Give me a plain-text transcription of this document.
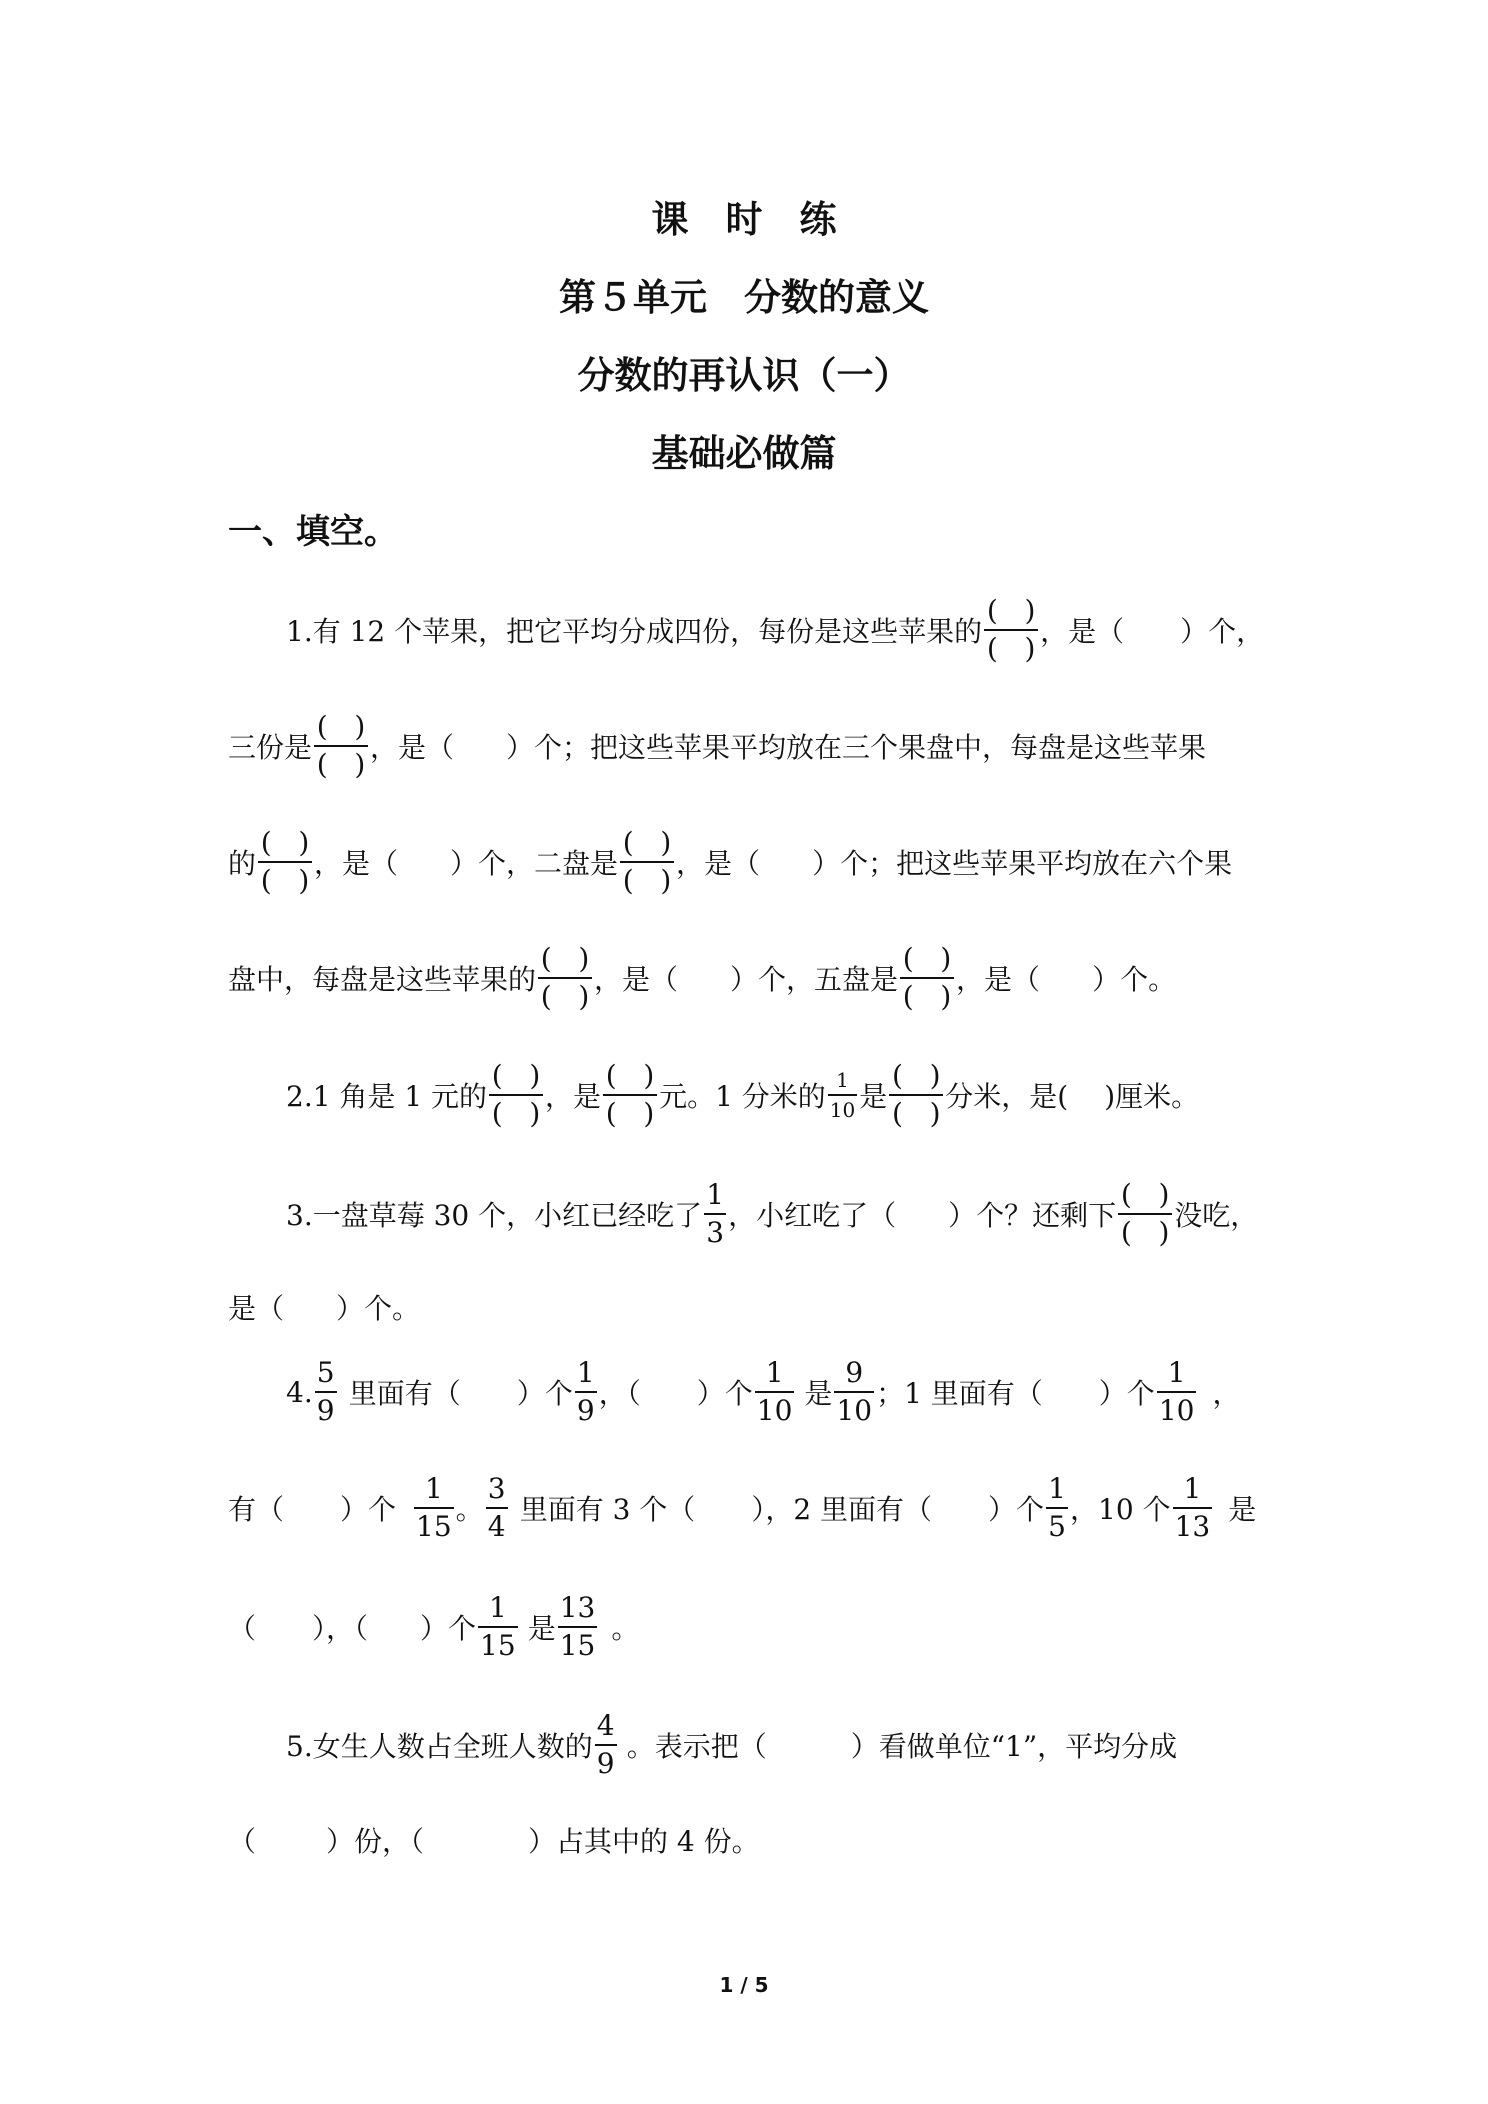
课　时　练
第５单元　分数的意义
分数的再认识（一）
基础必做篇
一、填空。
1.有 12 个苹果，把它平均分成四份，每份是这些苹果的
(   )
(   )
，是（ ）个，
三份是
(   )
(   )
，是（ ）个；把这些苹果平均放在三个果盘中，每盘是这些苹果
的
(   )
(   )
，是（ ）个，二盘是
(   )
(   )
，是（ ）个；把这些苹果平均放在六个果
盘中，每盘是这些苹果的
(   )
(   )
，是（ ）个，五盘是
(   )
(   )
，是（ ）个。
2.1 角是 1 元的
(   )
(   )
，是
(   )
(   )
元。1 分米的 1
10 是
(   )
(   )
分米，是( )厘米。
3.一盘草莓 30 个，小红已经吃了
1
3
，小红吃了（ ）个？还剩下
(   )
(   )
没吃，
是（ ）个。
4.
5
9
里面有（ ）个
1
9
，（ ）个
1
10
是
9
10
；1 里面有（ ）个
1
10
，
有（ ）个
1
15
。
3
4
里面有 3 个（ ），2 里面有（ ）个
1
5
，10 个
1
13
是
（ ），（ ）个
1
15
是
13
15
。
5.女生人数占全班人数的
4
9
。表示把（	）看做单位“1”，平均分成
（	）份，（	）占其中的 4 份。
1 / 5
